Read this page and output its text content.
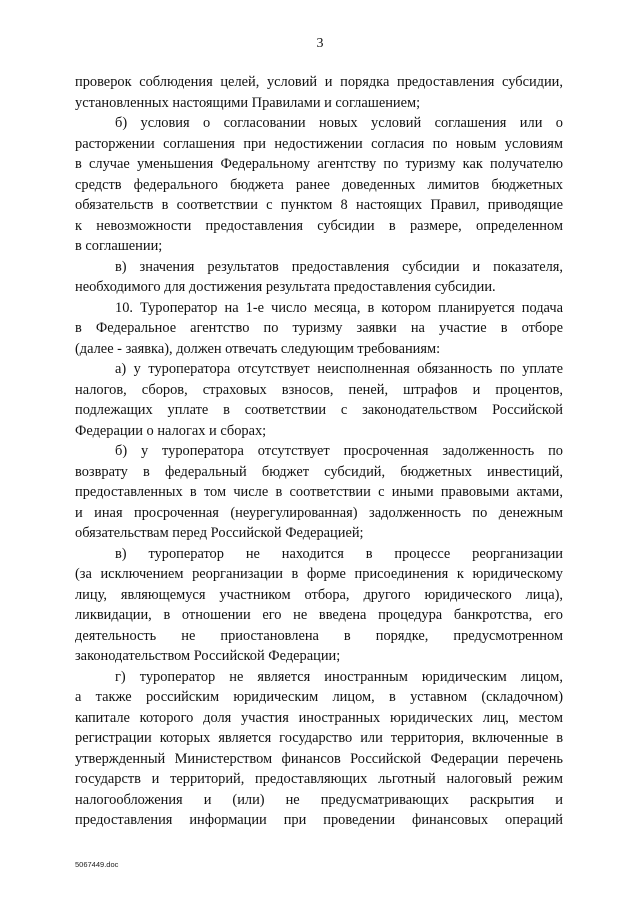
3
проверок соблюдения целей, условий и порядка предоставления субсидии,
установленных настоящими Правилами и соглашением;
б) условия о согласовании новых условий соглашения или о
расторжении соглашения при недостижении согласия по новым условиям
в случае уменьшения Федеральному агентству по туризму как получателю
средств федерального бюджета ранее доведенных лимитов бюджетных
обязательств в соответствии с пунктом 8 настоящих Правил, приводящие
к невозможности предоставления субсидии в размере, определенном
в соглашении;
в) значения результатов предоставления субсидии и показателя,
необходимого для достижения результата предоставления субсидии.
10. Туроператор на 1-е число месяца, в котором планируется подача
в Федеральное агентство по туризму заявки на участие в отборе
(далее - заявка), должен отвечать следующим требованиям:
а) у туроператора отсутствует неисполненная обязанность по уплате
налогов, сборов, страховых взносов, пеней, штрафов и процентов,
подлежащих уплате в соответствии с законодательством Российской
Федерации о налогах и сборах;
б) у туроператора отсутствует просроченная задолженность по
возврату в федеральный бюджет субсидий, бюджетных инвестиций,
предоставленных в том числе в соответствии с иными правовыми актами,
и иная просроченная (неурегулированная) задолженность по денежным
обязательствам перед Российской Федерацией;
в) туроператор не находится в процессе реорганизации
(за исключением реорганизации в форме присоединения к юридическому
лицу, являющемуся участником отбора, другого юридического лица),
ликвидации, в отношении его не введена процедура банкротства, его
деятельность не приостановлена в порядке, предусмотренном
законодательством Российской Федерации;
г) туроператор не является иностранным юридическим лицом,
а также российским юридическим лицом, в уставном (складочном)
капитале которого доля участия иностранных юридических лиц, местом
регистрации которых является государство или территория, включенные в
утвержденный Министерством финансов Российской Федерации перечень
государств и территорий, предоставляющих льготный налоговый режим
налогообложения и (или) не предусматривающих раскрытия и
предоставления информации при проведении финансовых операций
5067449.doc
